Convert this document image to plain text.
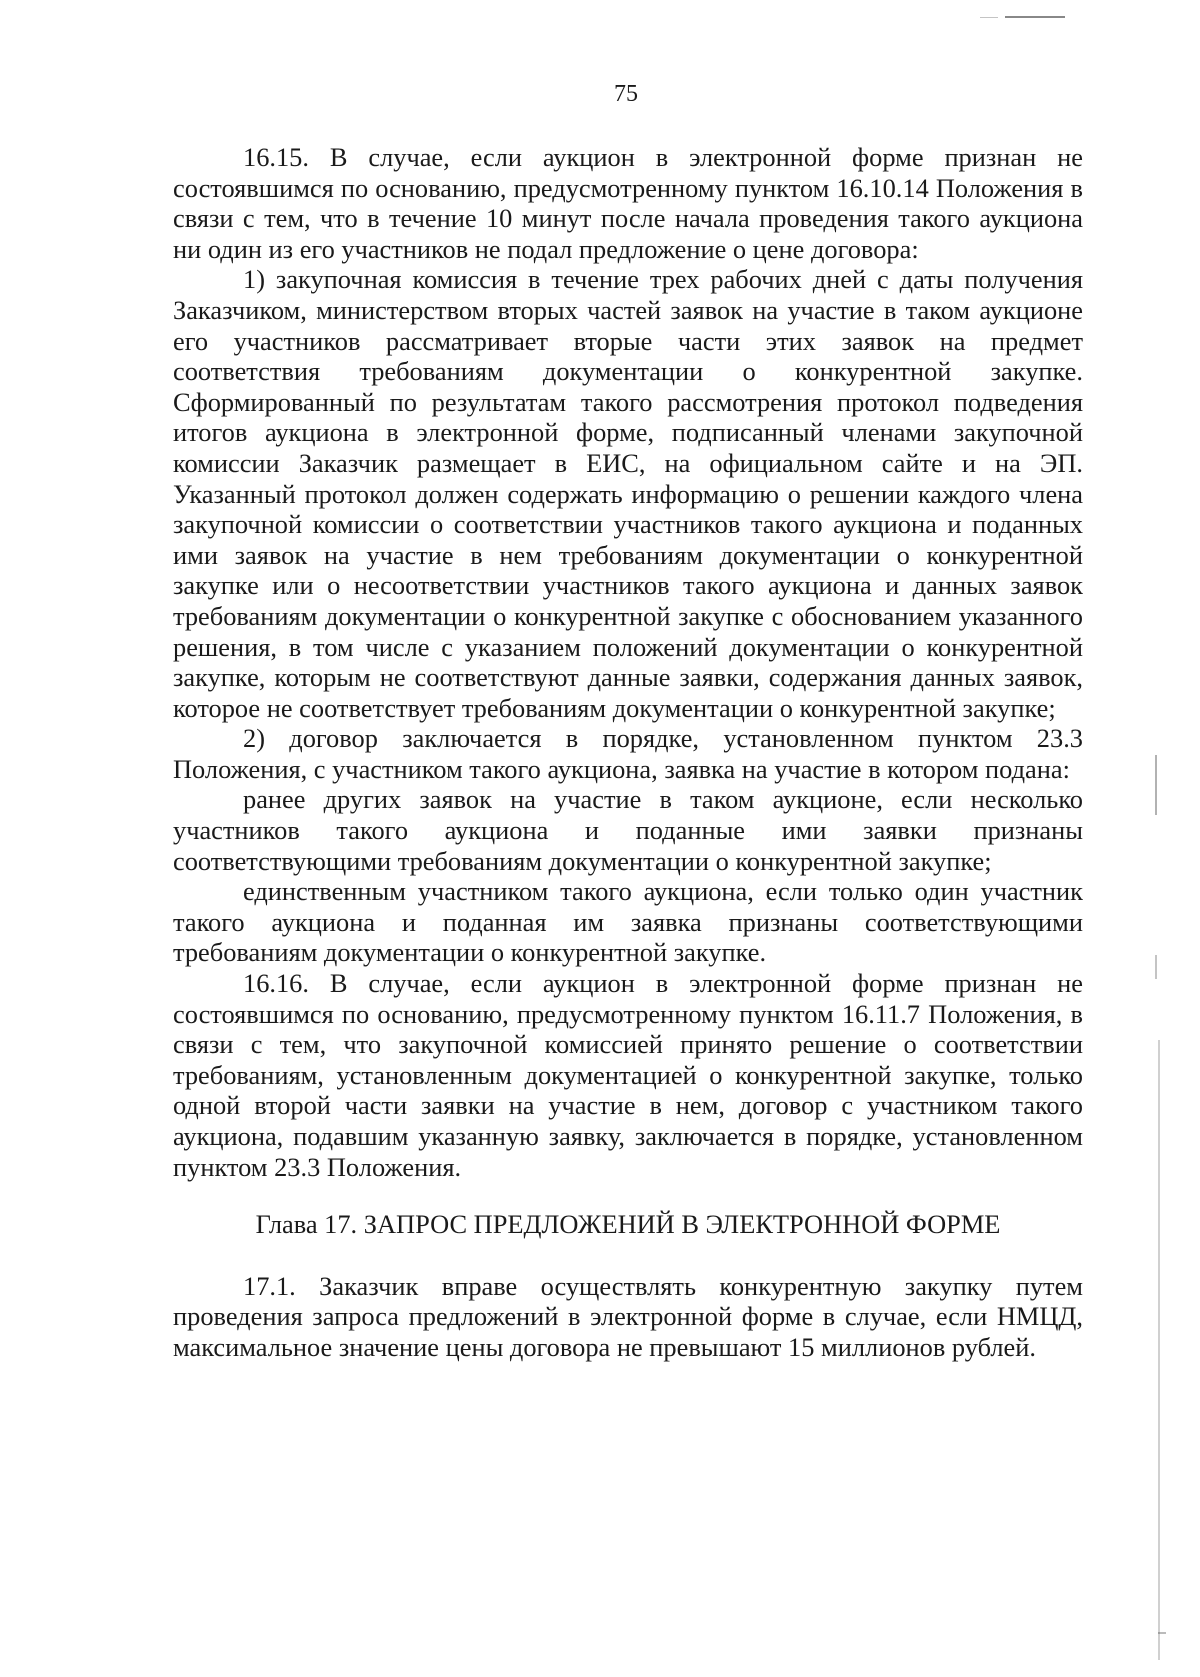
75

16.15. В случае, если аукцион в электронной форме признан не состоявшимся по основанию, предусмотренному пунктом 16.10.14 Положения в связи с тем, что в течение 10 минут после начала проведения такого аукциона ни один из его участников не подал предложение о цене договора:

1) закупочная комиссия в течение трех рабочих дней с даты получения Заказчиком, министерством вторых частей заявок на участие в таком аукционе его участников рассматривает вторые части этих заявок на предмет соответствия требованиям документации о конкурентной закупке. Сформированный по результатам такого рассмотрения протокол подведения итогов аукциона в электронной форме, подписанный членами закупочной комиссии Заказчик размещает в ЕИС, на официальном сайте и на ЭП. Указанный протокол должен содержать информацию о решении каждого члена закупочной комиссии о соответствии участников такого аукциона и поданных ими заявок на участие в нем требованиям документации о конкурентной закупке или о несоответствии участников такого аукциона и данных заявок требованиям документации о конкурентной закупке с обоснованием указанного решения, в том числе с указанием положений документации о конкурентной закупке, которым не соответствуют данные заявки, содержания данных заявок, которое не соответствует требованиям документации о конкурентной закупке;

2) договор заключается в порядке, установленном пунктом 23.3 Положения, с участником такого аукциона, заявка на участие в котором подана:

ранее других заявок на участие в таком аукционе, если несколько участников такого аукциона и поданные ими заявки признаны соответствующими требованиям документации о конкурентной закупке;

единственным участником такого аукциона, если только один участник такого аукциона и поданная им заявка признаны соответствующими требованиям документации о конкурентной закупке.

16.16. В случае, если аукцион в электронной форме признан не состоявшимся по основанию, предусмотренному пунктом 16.11.7 Положения, в связи с тем, что закупочной комиссией принято решение о соответствии требованиям, установленным документацией о конкурентной закупке, только одной второй части заявки на участие в нем, договор с участником такого аукциона, подавшим указанную заявку, заключается в порядке, установленном пунктом 23.3 Положения.

Глава 17. ЗАПРОС ПРЕДЛОЖЕНИЙ В ЭЛЕКТРОННОЙ ФОРМЕ

17.1. Заказчик вправе осуществлять конкурентную закупку путем проведения запроса предложений в электронной форме в случае, если НМЦД, максимальное значение цены договора не превышают 15 миллионов рублей.
